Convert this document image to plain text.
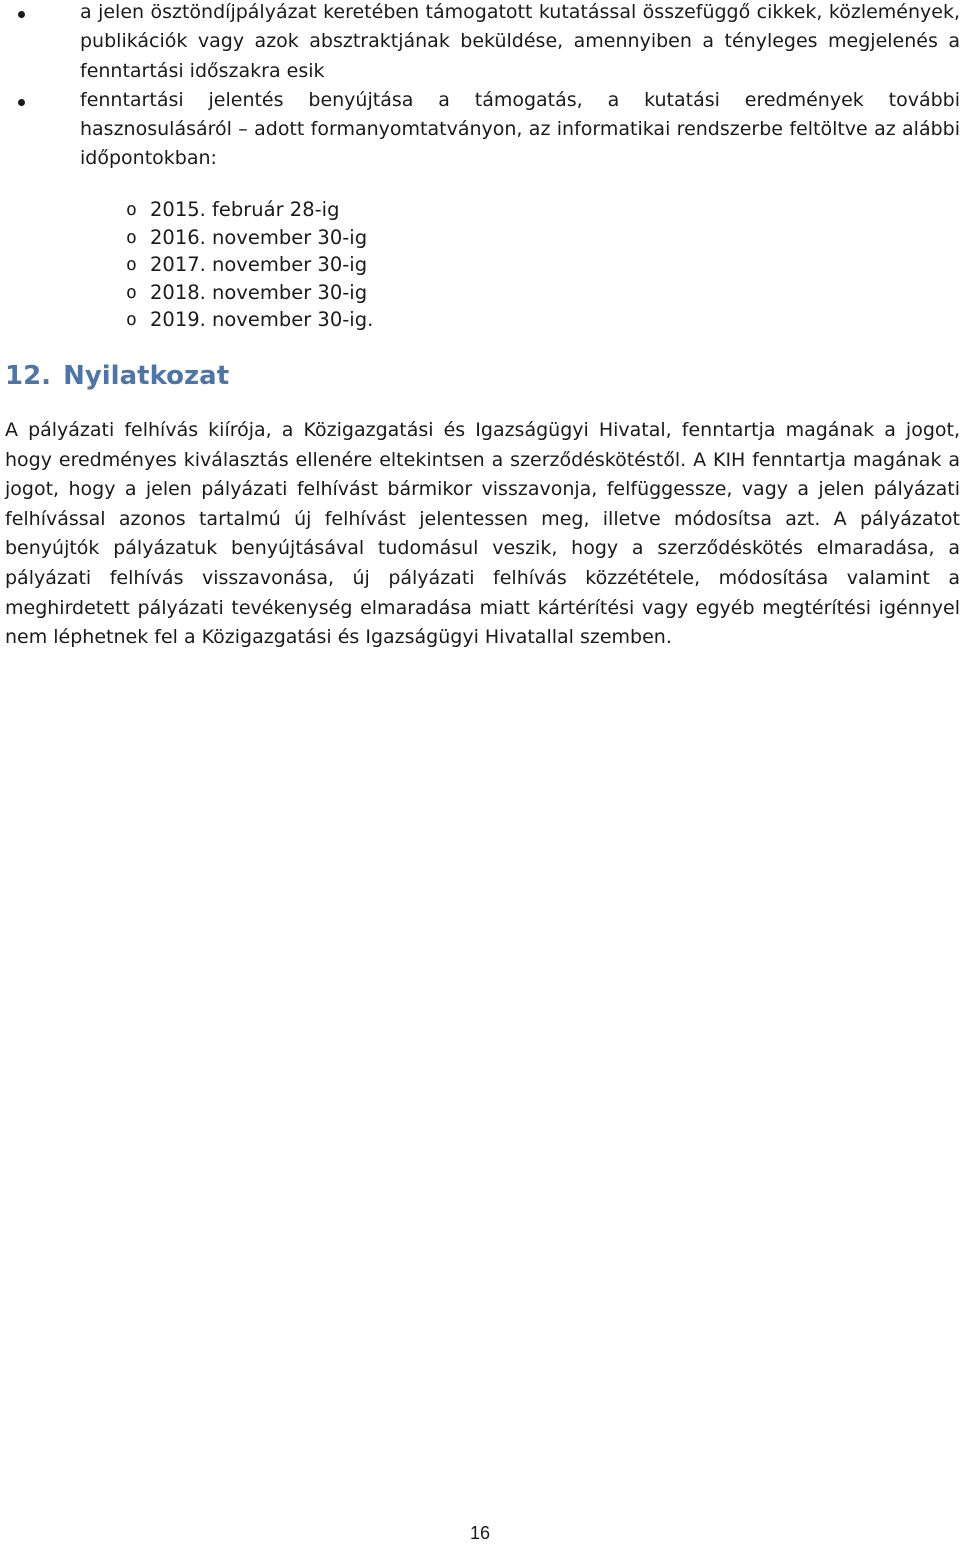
a jelen ösztöndíjpályázat keretében támogatott kutatással összefüggő cikkek, közlemények, publikációk vagy azok absztraktjának beküldése, amennyiben a tényleges megjelenés a fenntartási időszakra esik
fenntartási jelentés benyújtása a támogatás, a kutatási eredmények további hasznosulásáról – adott formanyomtatványon, az informatikai rendszerbe feltöltve az alábbi időpontokban:
o 2015. február 28-ig
o 2016. november 30-ig
o 2017. november 30-ig
o 2018. november 30-ig
o 2019. november 30-ig.
12. Nyilatkozat
A pályázati felhívás kiírója, a Közigazgatási és Igazságügyi Hivatal, fenntartja magának a jogot, hogy eredményes kiválasztás ellenére eltekintsen a szerződéskötéstől. A KIH fenntartja magának a jogot, hogy a jelen pályázati felhívást bármikor visszavonja, felfüggessze, vagy a jelen pályázati felhívással azonos tartalmú új felhívást jelentessen meg, illetve módosítsa azt. A pályázatot benyújtók pályázatuk benyújtásával tudomásul veszik, hogy a szerződéskötés elmaradása, a pályázati felhívás visszavonása, új pályázati felhívás közzététele, módosítása valamint a meghirdetett pályázati tevékenység elmaradása miatt kártérítési vagy egyéb megtérítési igénnyel nem léphetnek fel a Közigazgatási és Igazságügyi Hivatallal szemben.
16
